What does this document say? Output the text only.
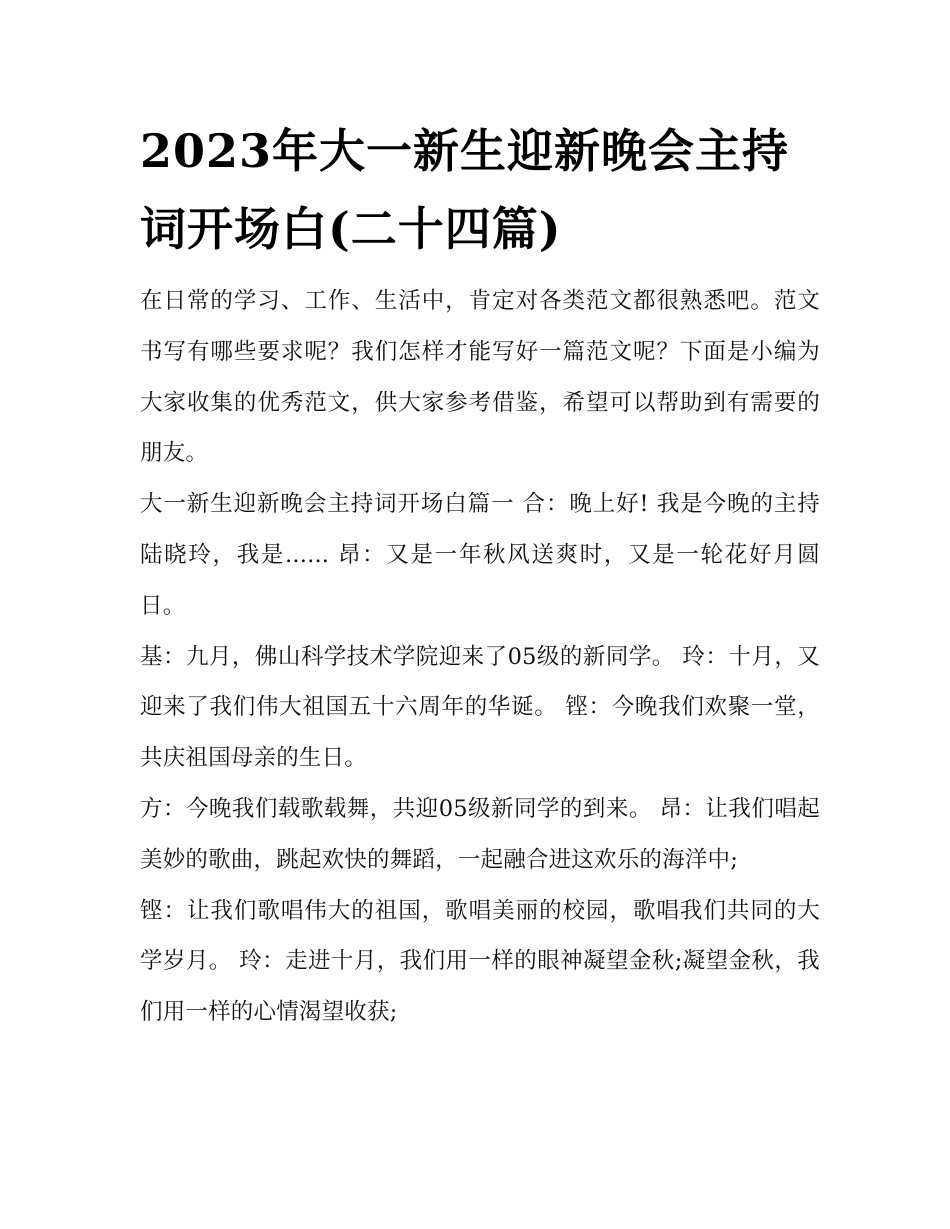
2023年大一新生迎新晚会主持词开场白(二十四篇)

在日常的学习、工作、生活中，肯定对各类范文都很熟悉吧。范文书写有哪些要求呢？我们怎样才能写好一篇范文呢？下面是小编为大家收集的优秀范文，供大家参考借鉴，希望可以帮助到有需要的朋友。

大一新生迎新晚会主持词开场白篇一 合：晚上好! 我是今晚的主持陆晓玲，我是...... 昂：又是一年秋风送爽时，又是一轮花好月圆日。

基：九月，佛山科学技术学院迎来了05级的新同学。 玲：十月，又迎来了我们伟大祖国五十六周年的华诞。 铿：今晚我们欢聚一堂，共庆祖国母亲的生日。

方：今晚我们载歌载舞，共迎05级新同学的到来。 昂：让我们唱起美妙的歌曲，跳起欢快的舞蹈，一起融合进这欢乐的海洋中;

铿：让我们歌唱伟大的祖国，歌唱美丽的校园，歌唱我们共同的大学岁月。 玲：走进十月，我们用一样的眼神凝望金秋;凝望金秋，我们用一样的心情渴望收获;
